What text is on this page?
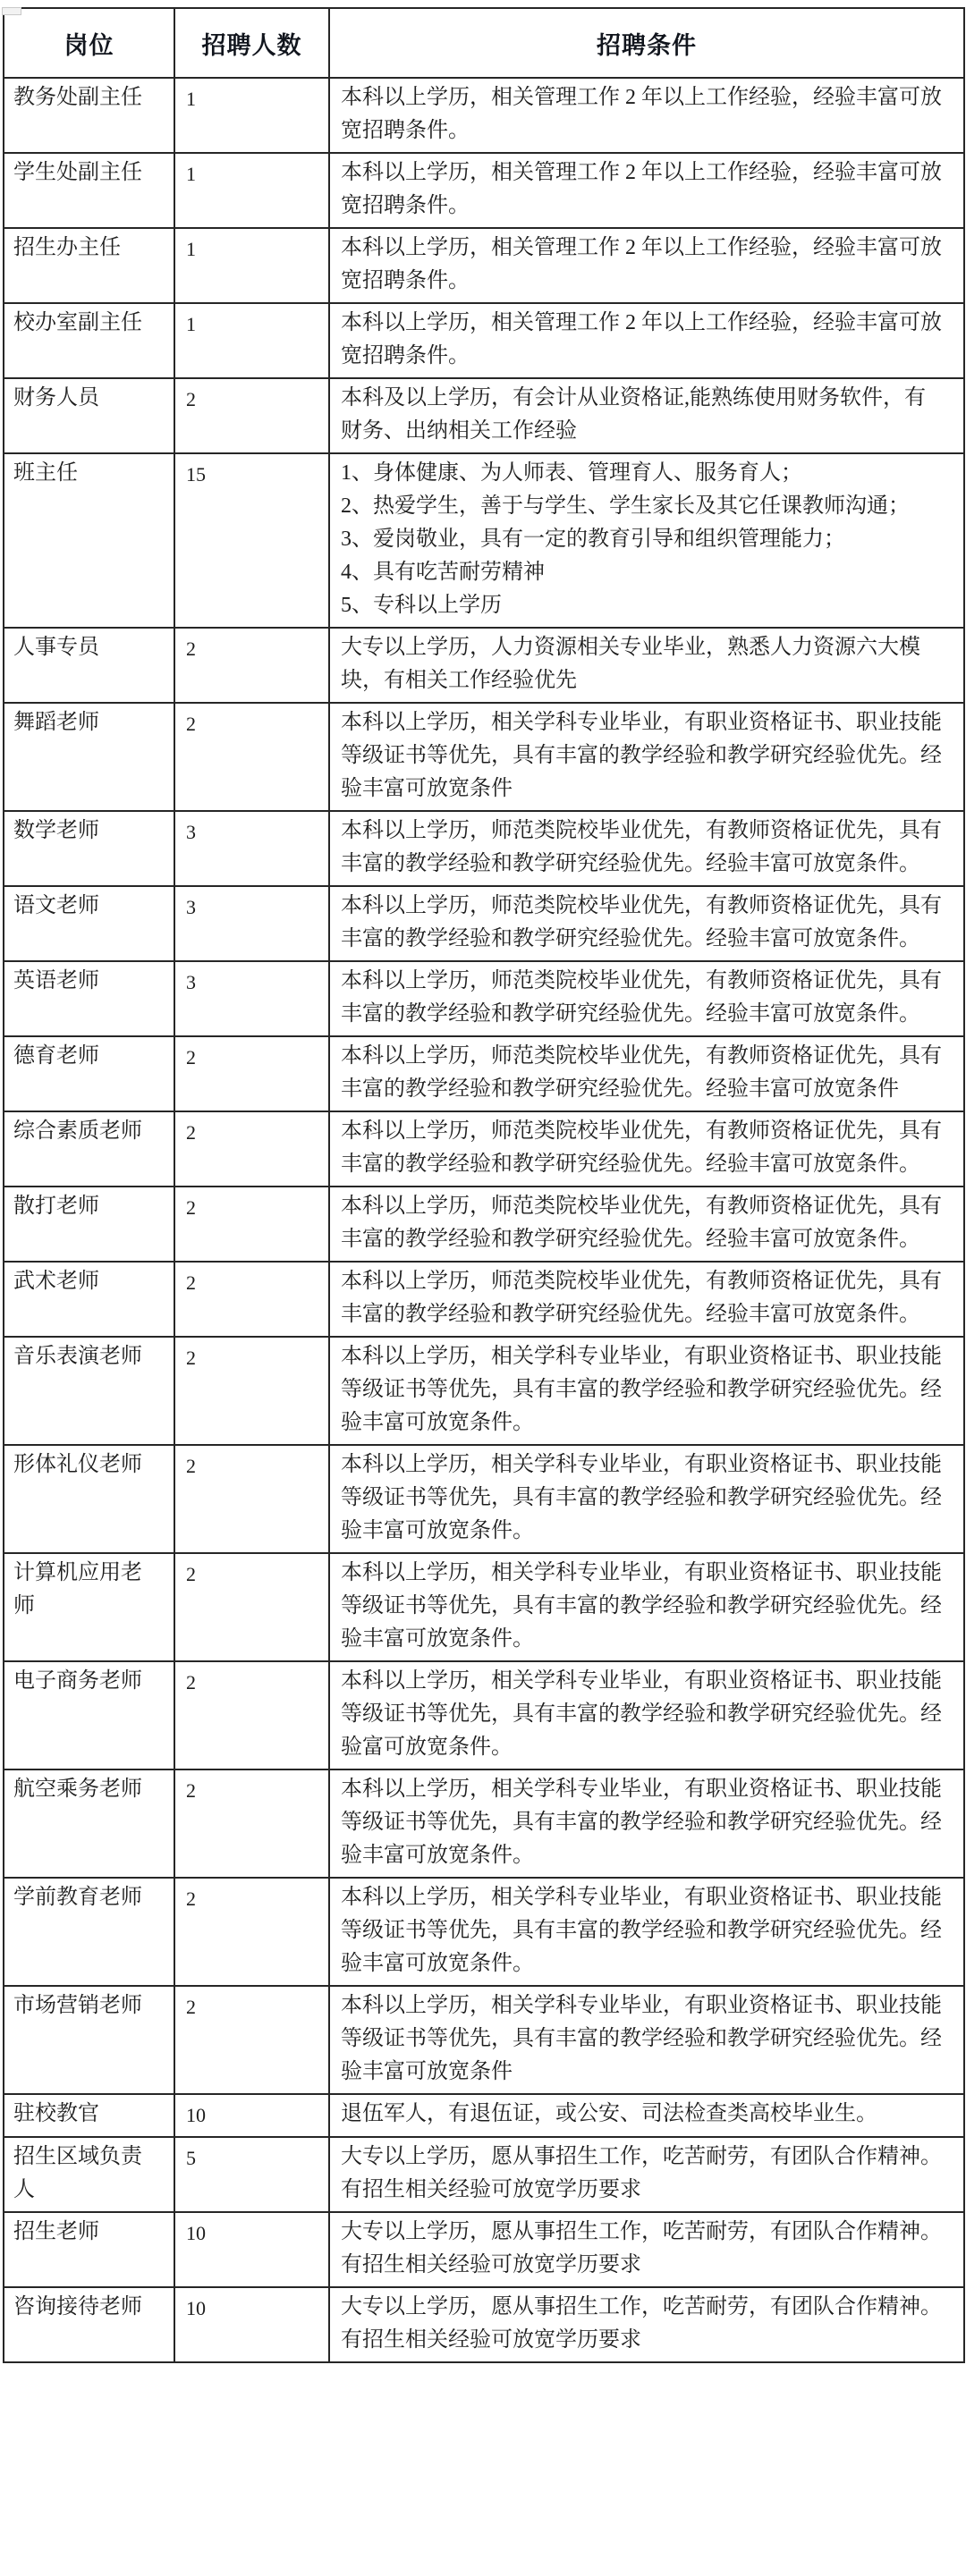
岗位	招聘人数	招聘条件
教务处副主任	1	本科以上学历，相关管理工作 2 年以上工作经验，经验丰富可放宽招聘条件。

学生处副主任	1	本科以上学历，相关管理工作 2 年以上工作经验，经验丰富可放宽招聘条件。

招生办主任	1	本科以上学历，相关管理工作 2 年以上工作经验，经验丰富可放宽招聘条件。

校办室副主任	1	本科以上学历，相关管理工作 2 年以上工作经验，经验丰富可放宽招聘条件。

财务人员	2	本科及以上学历，有会计从业资格证,能熟练使用财务软件，有财务、出纳相关工作经验

班主任	15	1、身体健康、为人师表、管理育人、服务育人；
2、热爱学生，善于与学生、学生家长及其它任课教师沟通；
3、爱岗敬业，具有一定的教育引导和组织管理能力；
4、具有吃苦耐劳精神
5、专科以上学历

人事专员	2	大专以上学历，人力资源相关专业毕业，熟悉人力资源六大模块，有相关工作经验优先

舞蹈老师	2	本科以上学历，相关学科专业毕业，有职业资格证书、职业技能等级证书等优先，具有丰富的教学经验和教学研究经验优先。经验丰富可放宽条件

数学老师	3	本科以上学历，师范类院校毕业优先，有教师资格证优先，具有丰富的教学经验和教学研究经验优先。经验丰富可放宽条件。

语文老师	3	本科以上学历，师范类院校毕业优先，有教师资格证优先，具有丰富的教学经验和教学研究经验优先。经验丰富可放宽条件。

英语老师	3	本科以上学历，师范类院校毕业优先，有教师资格证优先，具有丰富的教学经验和教学研究经验优先。经验丰富可放宽条件。

德育老师	2	本科以上学历，师范类院校毕业优先，有教师资格证优先，具有丰富的教学经验和教学研究经验优先。经验丰富可放宽条件

综合素质老师	2	本科以上学历，师范类院校毕业优先，有教师资格证优先，具有丰富的教学经验和教学研究经验优先。经验丰富可放宽条件。

散打老师	2	本科以上学历，师范类院校毕业优先，有教师资格证优先，具有丰富的教学经验和教学研究经验优先。经验丰富可放宽条件。

武术老师	2	本科以上学历，师范类院校毕业优先，有教师资格证优先，具有丰富的教学经验和教学研究经验优先。经验丰富可放宽条件。

音乐表演老师	2	本科以上学历，相关学科专业毕业，有职业资格证书、职业技能等级证书等优先，具有丰富的教学经验和教学研究经验优先。经验丰富可放宽条件。

形体礼仪老师	2	本科以上学历，相关学科专业毕业，有职业资格证书、职业技能等级证书等优先，具有丰富的教学经验和教学研究经验优先。经验丰富可放宽条件。

计算机应用老师	2	本科以上学历，相关学科专业毕业，有职业资格证书、职业技能等级证书等优先，具有丰富的教学经验和教学研究经验优先。经验丰富可放宽条件。

电子商务老师	2	本科以上学历，相关学科专业毕业，有职业资格证书、职业技能等级证书等优先，具有丰富的教学经验和教学研究经验优先。经验富可放宽条件。

航空乘务老师	2	本科以上学历，相关学科专业毕业，有职业资格证书、职业技能等级证书等优先，具有丰富的教学经验和教学研究经验优先。经验丰富可放宽条件。

学前教育老师	2	本科以上学历，相关学科专业毕业，有职业资格证书、职业技能等级证书等优先，具有丰富的教学经验和教学研究经验优先。经验丰富可放宽条件。

市场营销老师	2	本科以上学历，相关学科专业毕业，有职业资格证书、职业技能等级证书等优先，具有丰富的教学经验和教学研究经验优先。经验丰富可放宽条件

驻校教官	10	退伍军人，有退伍证，或公安、司法检查类高校毕业生。

招生区域负责人	5	大专以上学历，愿从事招生工作，吃苦耐劳，有团队合作精神。有招生相关经验可放宽学历要求

招生老师	10	大专以上学历，愿从事招生工作，吃苦耐劳，有团队合作精神。有招生相关经验可放宽学历要求

咨询接待老师	10	大专以上学历，愿从事招生工作，吃苦耐劳，有团队合作精神。有招生相关经验可放宽学历要求
